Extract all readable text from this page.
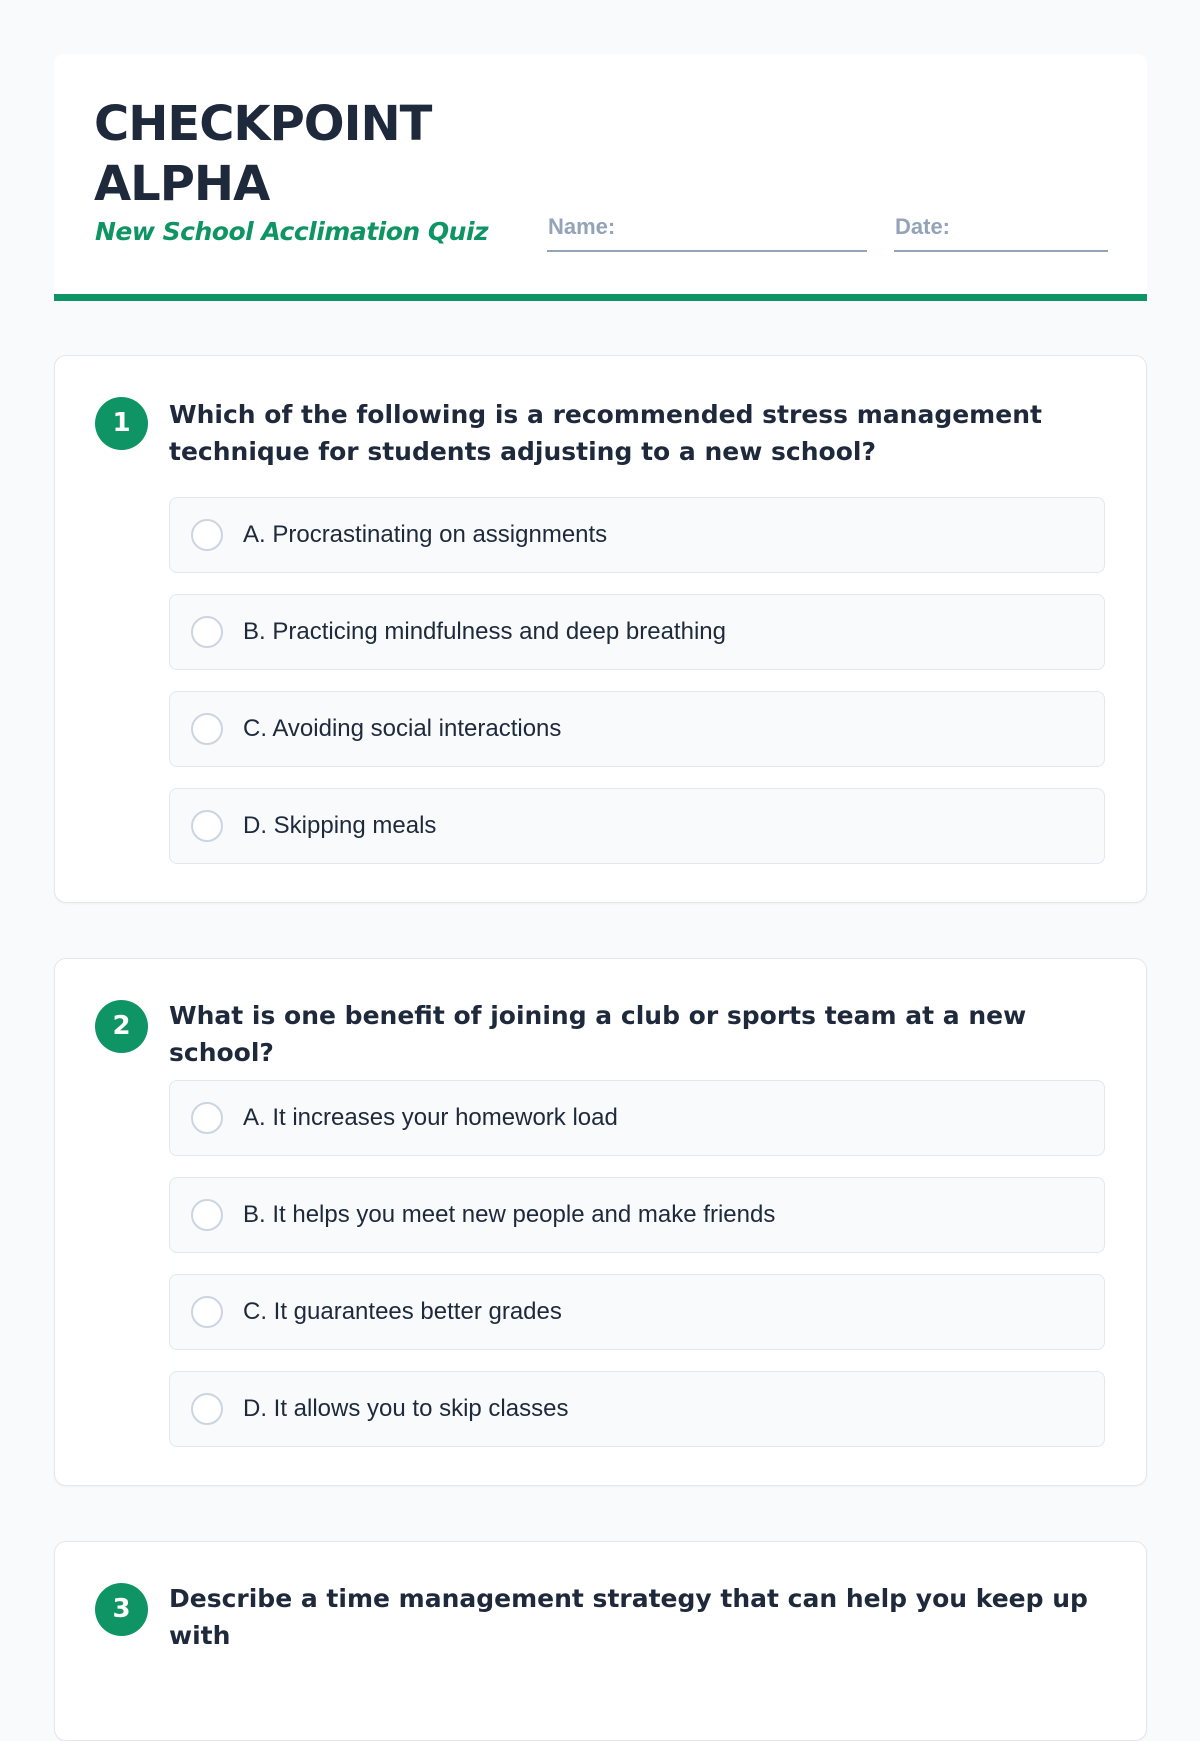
CHECKPOINT ALPHA
New School Acclimation Quiz	Name:	Date:
1	Which of the following is a recommended stress management technique for students adjusting to a new school?
A. Procrastinating on assignments
B. Practicing mindfulness and deep breathing
C. Avoiding social interactions
D. Skipping meals
2	What is one benefit of joining a club or sports team at a new school?
A. It increases your homework load
B. It helps you meet new people and make friends
C. It guarantees better grades
D. It allows you to skip classes
3	Describe a time management strategy that can help you keep up with
